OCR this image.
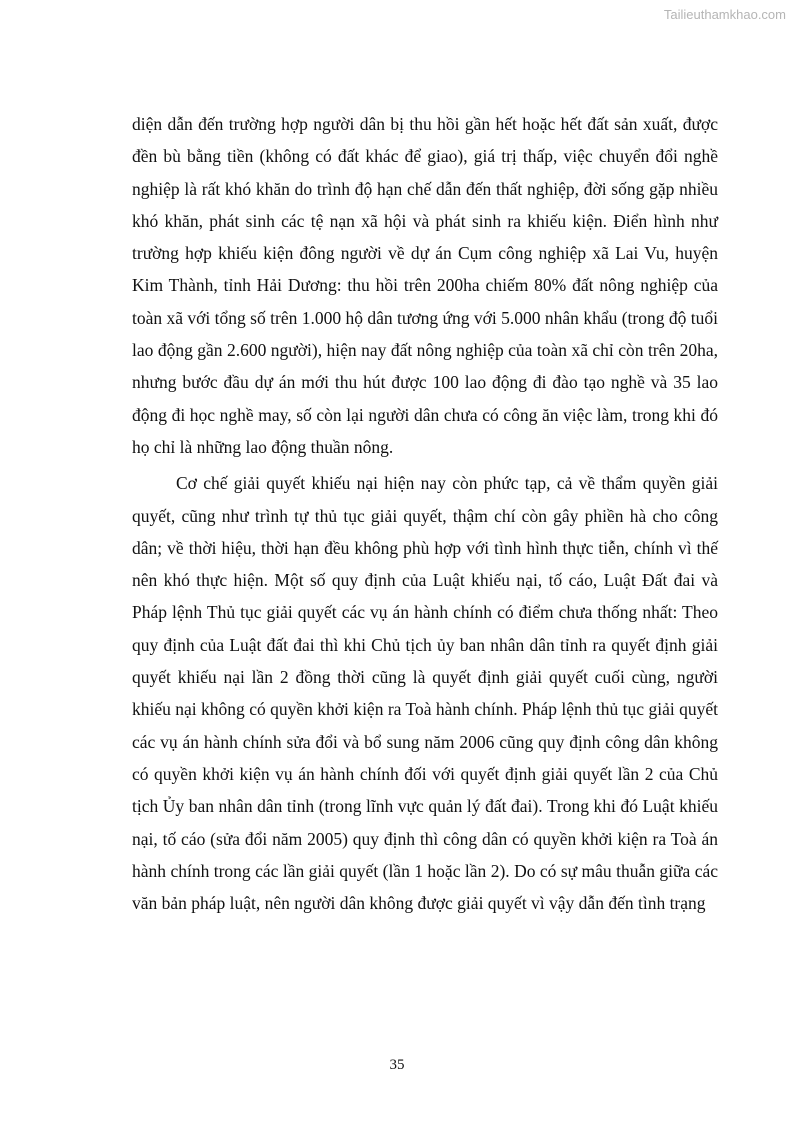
Tailieuthamkhao.com

diện dẫn đến trường hợp người dân bị thu hồi gần hết hoặc hết đất sản xuất, được đền bù bằng tiền (không có đất khác để giao), giá trị thấp, việc chuyển đổi nghề nghiệp là rất khó khăn do trình độ hạn chế dẫn đến thất nghiệp, đời sống gặp nhiều khó khăn, phát sinh các tệ nạn xã hội và phát sinh ra khiếu kiện. Điển hình như trường hợp khiếu kiện đông người về dự án Cụm công nghiệp xã Lai Vu, huyện Kim Thành, tỉnh Hải Dương: thu hồi trên 200ha chiếm 80% đất nông nghiệp của toàn xã với tổng số trên 1.000 hộ dân tương ứng với 5.000 nhân khẩu (trong độ tuổi lao động gần 2.600 người), hiện nay đất nông nghiệp của toàn xã chỉ còn trên 20ha, nhưng bước đầu dự án mới thu hút được 100 lao động đi đào tạo nghề và 35 lao động đi học nghề may, số còn lại người dân chưa có công ăn việc làm, trong khi đó họ chỉ là những lao động thuần nông.

Cơ chế giải quyết khiếu nại hiện nay còn phức tạp, cả về thẩm quyền giải quyết, cũng như trình tự thủ tục giải quyết, thậm chí còn gây phiền hà cho công dân; về thời hiệu, thời hạn đều không phù hợp với tình hình thực tiễn, chính vì thế nên khó thực hiện. Một số quy định của Luật khiếu nại, tố cáo, Luật Đất đai và Pháp lệnh Thủ tục giải quyết các vụ án hành chính có điểm chưa thống nhất: Theo quy định của Luật đất đai thì khi Chủ tịch ủy ban nhân dân tỉnh ra quyết định giải quyết khiếu nại lần 2 đồng thời cũng là quyết định giải quyết cuối cùng, người khiếu nại không có quyền khởi kiện ra Toà hành chính. Pháp lệnh thủ tục giải quyết các vụ án hành chính sửa đổi và bổ sung năm 2006 cũng quy định công dân không có quyền khởi kiện vụ án hành chính đối với quyết định giải quyết lần 2 của Chủ tịch Ủy ban nhân dân tỉnh (trong lĩnh vực quản lý đất đai). Trong khi đó Luật khiếu nại, tố cáo (sửa đổi năm 2005) quy định thì công dân có quyền khởi kiện ra Toà án hành chính trong các lần giải quyết (lần 1 hoặc lần 2). Do có sự mâu thuẫn giữa các văn bản pháp luật, nên người dân không được giải quyết vì vậy dẫn đến tình trạng

35
